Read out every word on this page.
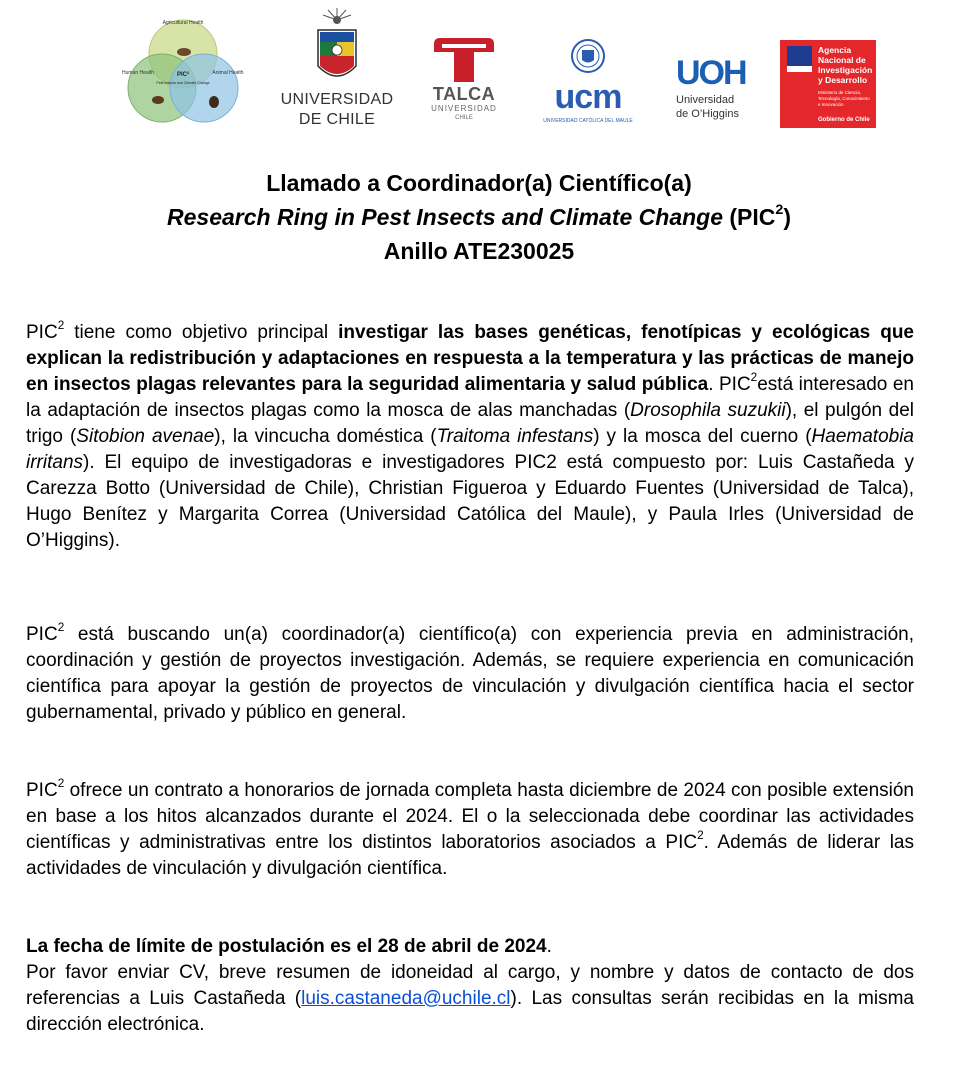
Agricultural Health
Human Health	Animal Health
PIC²
Pest Insects and Climate Change
UNIVERSIDAD
DE CHILE
TALCA
UNIVERSIDAD
CHILE
ucm
UNIVERSIDAD CATÓLICA DEL MAULE
UOH
Universidad
de O’Higgins
Agencia
Nacional de
Investigación
y Desarrollo
Ministerio de Ciencia,
Tecnología, Conocimiento
e Innovación
Gobierno de Chile
Llamado a Coordinador(a) Científico(a)
Research Ring in Pest Insects and Climate Change (PIC$^2$)
Anillo ATE230025
PIC$^2$ tiene como objetivo principal investigar las bases genéticas, fenotípicas y ecológicas que explican la redistribución y adaptaciones en respuesta a la temperatura y las prácticas de manejo en insectos plagas relevantes para la seguridad alimentaria y salud pública. PIC$^2$está interesado en la adaptación de insectos plagas como la mosca de alas manchadas (Drosophila suzukii), el pulgón del trigo (Sitobion avenae), la vincucha doméstica (Traitoma infestans) y la mosca del cuerno (Haematobia irritans). El equipo de investigadoras e investigadores PIC2 está compuesto por: Luis Castañeda y Carezza Botto (Universidad de Chile), Christian Figueroa y Eduardo Fuentes (Universidad de Talca), Hugo Benítez y Margarita Correa (Universidad Católica del Maule), y Paula Irles (Universidad de O’Higgins).
PIC$^2$ está buscando un(a) coordinador(a) científico(a) con experiencia previa en administración, coordinación y gestión de proyectos investigación. Además, se requiere experiencia en comunicación científica para apoyar la gestión de proyectos de vinculación y divulgación científica hacia el sector gubernamental, privado y público en general.
PIC$^2$ ofrece un contrato a honorarios de jornada completa hasta diciembre de 2024 con posible extensión en base a los hitos alcanzados durante el 2024. El o la seleccionada debe coordinar las actividades científicas y administrativas entre los distintos laboratorios asociados a PIC$^2$. Además de liderar las actividades de vinculación y divulgación científica.
La fecha de límite de postulación es el 28 de abril de 2024.
Por favor enviar CV, breve resumen de idoneidad al cargo, y nombre y datos de contacto de dos referencias a Luis Castañeda (luis.castaneda@uchile.cl). Las consultas serán recibidas en la misma dirección electrónica.
